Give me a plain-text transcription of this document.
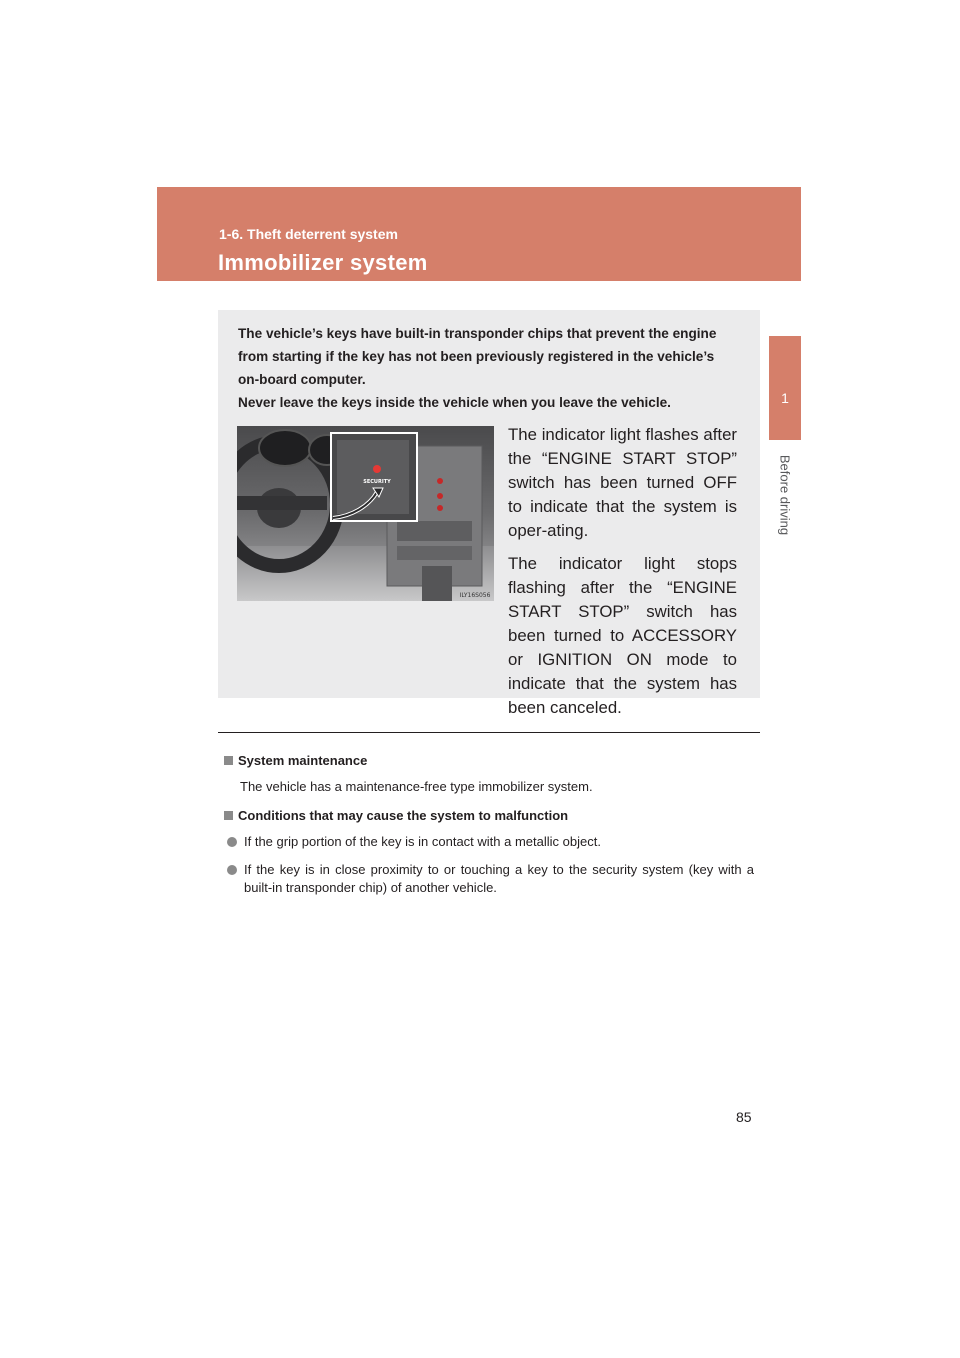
1-6. Theft deterrent system
Immobilizer system
1
Before driving
The vehicle’s keys have built-in transponder chips that prevent the engine from starting if the key has not been previously registered in the vehicle’s on-board computer.
Never leave the keys inside the vehicle when you leave the vehicle.
SECURITY
ILY16S056

The indicator light flashes after the “ENGINE START STOP” switch has been turned OFF to indicate that the system is oper-ating.

The indicator light stops flashing after the “ENGINE START STOP” switch has been turned to ACCESSORY or IGNITION ON mode to indicate that the system has been canceled.

System maintenance
The vehicle has a maintenance-free type immobilizer system.
Conditions that may cause the system to malfunction
If the grip portion of the key is in contact with a metallic object.
If the key is in close proximity to or touching a key to the security system (key with a built-in transponder chip) of another vehicle.
85
